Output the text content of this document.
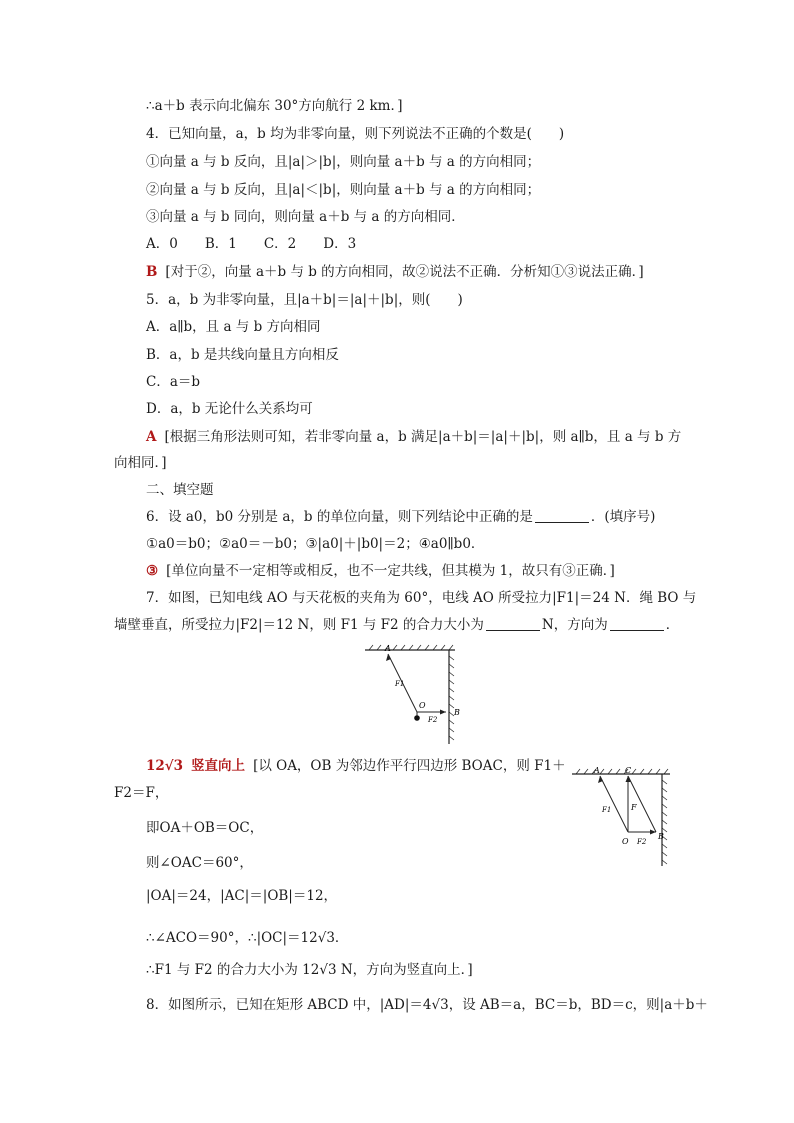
∴a＋b 表示向北偏东 30°方向航行 2 km．]
4．已知向量，a，b 均为非零向量，则下列说法不正确的个数是(　　)
①向量 a 与 b 反向，且|a|＞|b|，则向量 a＋b 与 a 的方向相同；
②向量 a 与 b 反向，且|a|＜|b|，则向量 a＋b 与 a 的方向相同；
③向量 a 与 b 同向，则向量 a＋b 与 a 的方向相同．
A．0　　B．1　　C．2　　D．3
B [对于②，向量 a＋b 与 b 的方向相同，故②说法不正确．分析知①③说法正确．]
5．a，b 为非零向量，且|a＋b|＝|a|＋|b|，则(　　)
A．a∥b，且 a 与 b 方向相同
B．a，b 是共线向量且方向相反
C．a＝b
D．a，b 无论什么关系均可
A [根据三角形法则可知，若非零向量 a，b 满足|a＋b|＝|a|＋|b|，则 a∥b，且 a 与 b 方
向相同．]
二、填空题
6．设 a0，b0 分别是 a，b 的单位向量，则下列结论中正确的是	．(填序号)
①a0＝b0；②a0＝－b0；③|a0|＋|b0|＝2；④a0∥b0．
③ [单位向量不一定相等或相反，也不一定共线，但其模为 1，故只有③正确．]
7．如图，已知电线 AO 与天花板的夹角为 60°，电线 AO 所受拉力|F1|＝24 N．绳 BO 与
墙壁垂直，所受拉力|F2|＝12 N，则 F1 与 F2 的合力大小为	N，方向为	．
A
F1
O
F2
B
12√3 竖直向上 [以 OA，OB 为邻边作平行四边形 BOAC，则 F1＋
F2＝F，
即OA＋OB＝OC，
则∠OAC＝60°，
|OA|＝24，|AC|＝|OB|＝12，
∴∠ACO＝90°，∴|OC|＝12√3．
∴F1 与 F2 的合力大小为 12√3 N，方向为竖直向上．]
A	C
F1 F
O F2
B
8．如图所示，已知在矩形 ABCD 中，|AD|＝4√3，设 AB＝a，BC＝b，BD＝c，则|a＋b＋
